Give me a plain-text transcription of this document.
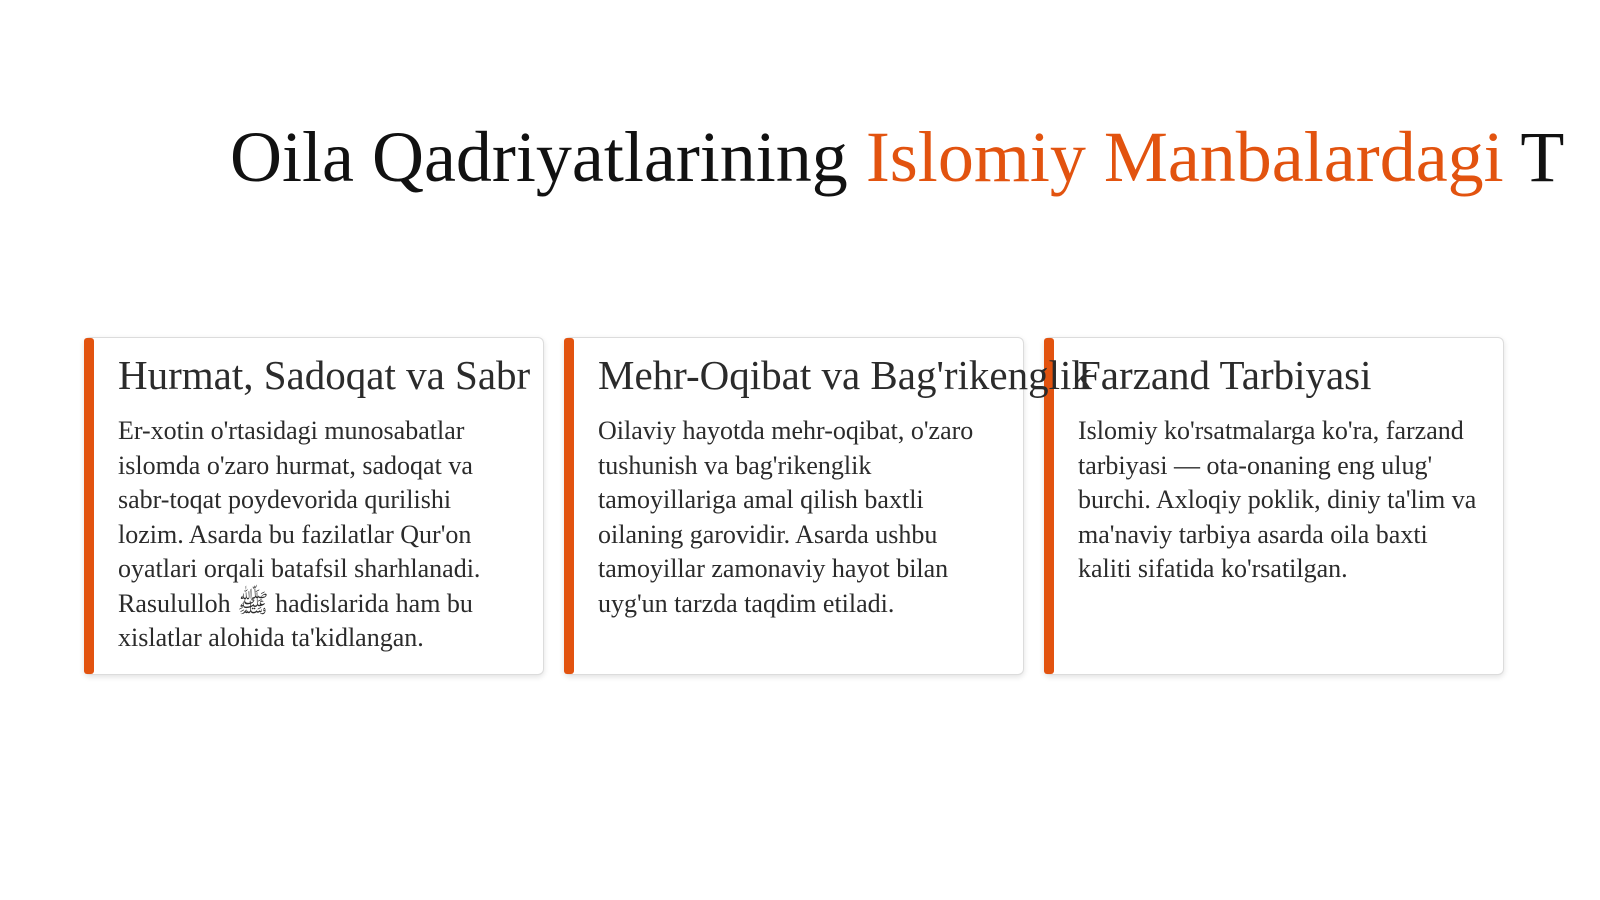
Oila Qadriyatlarining Islomiy Manbalardagi T
Hurmat, Sadoqat va Sabr

Er-xotin o'rtasidagi munosabatlar islomda o'zaro hurmat, sadoqat va sabr-toqat poydevorida qurilishi lozim. Asarda bu fazilatlar Qur'on oyatlari orqali batafsil sharhlanadi. Rasululloh ﷺ hadislarida ham bu xislatlar alohida ta'kidlangan.

Mehr-Oqibat va Bag'rikenglik

Oilaviy hayotda mehr-oqibat, o'zaro tushunish va bag'rikenglik tamoyillariga amal qilish baxtli oilaning garovidir. Asarda ushbu tamoyillar zamonaviy hayot bilan uyg'un tarzda taqdim etiladi.

Farzand Tarbiyasi

Islomiy ko'rsatmalarga ko'ra, farzand tarbiyasi — ota-onaning eng ulug' burchi. Axloqiy poklik, diniy ta'lim va ma'naviy tarbiya asarda oila baxti kaliti sifatida ko'rsatilgan.
